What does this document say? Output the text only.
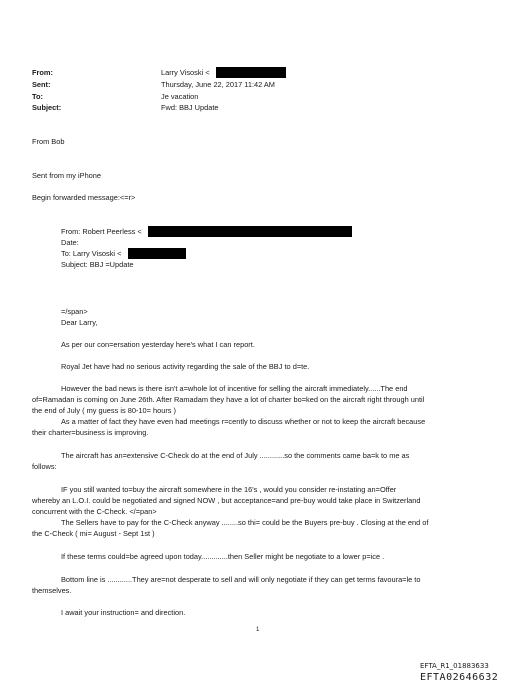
From:
Sent:
To:
Subject:
Larry Visoski <
Thursday, June 22, 2017 11:42 AM
Je vacation
Fwd: BBJ Update
From Bob
Sent from my iPhone
Begin forwarded message:<=r>
From: Robert Peerless <
Date:
To: Larry Visoski <
Subject: BBJ =Update
=/span>
Dear Larry,
As per our con=ersation yesterday here's what I can report.
Royal Jet have had no serious activity regarding the sale of the BBJ to d=te.
However the bad news is there isn't a=whole lot of incentive for selling the aircraft immediately......The end
of=Ramadan is coming on June 26th. After Ramadam they have a lot of charter bo=ked on the aircraft right through until
the end of July ( my guess is 80-10= hours )
As a matter of fact they have even had meetings r=cently to discuss whether or not to keep the aircraft because
their charter=business is improving.
The aircraft has an=extensive C-Check do at the end of July ............so the comments came ba=k to me as
follows:
IF you still wanted to=buy the aircraft somewhere in the 16's , would you consider re-instating an=Offer
whereby an L.O.I. could be negotiated and signed NOW , but acceptance=and pre-buy would take place in Switzerland
concurrent with the C-Check. </=pan>
The Sellers have to pay for the C-Check anyway ........so thi= could be the Buyers pre-buy . Closing at the end of
the C-Check ( mi= August - Sept 1st )
If these terms could=be agreed upon today.............then Seller might be negotiate to a lower p=ice .
Bottom line is ............They are=not desperate to sell and will only negotiate if they can get terms favoura=le to
themselves.
I await your instruction= and direction.
1
EFTA_R1_01883633
EFTA02646632
